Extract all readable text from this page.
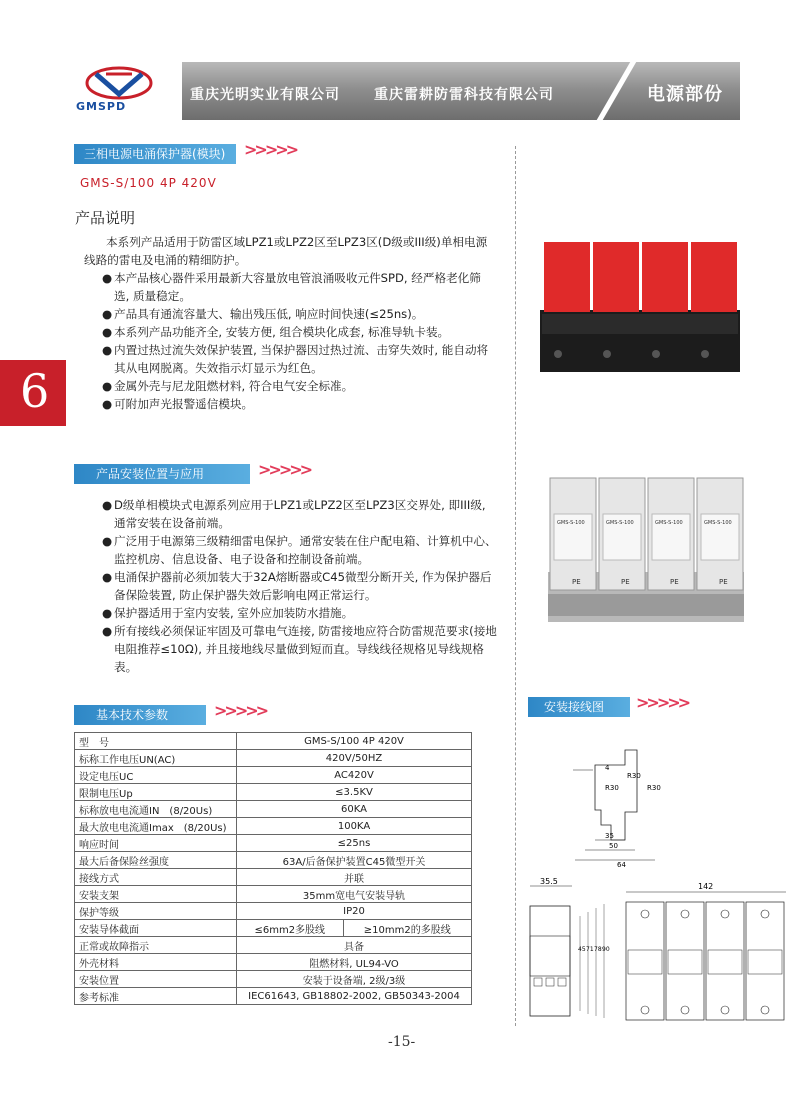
GMSPD
重庆光明实业有限公司 重庆雷耕防雷科技有限公司	电源部份
6
三相电源电涌保护器(模块)	>>>>>
GMS-S/100 4P 420V
产品说明
本系列产品适用于防雷区域LPZ1或LPZ2区至LPZ3区(D级或III级)单相电源线路的雷电及电涌的精细防护。
● 本产品核心器件采用最新大容量放电管浪涌吸收元件SPD, 经严格老化筛选, 质量稳定。
● 产品具有通流容量大、输出残压低, 响应时间快速(≤25ns)。
● 本系列产品功能齐全, 安装方便, 组合模块化成套, 标准导轨卡装。
● 内置过热过流失效保护装置, 当保护器因过热过流、击穿失效时, 能自动将其从电网脱离。失效指示灯显示为红色。
● 金属外壳与尼龙阻燃材料, 符合电气安全标准。
● 可附加声光报警遥信模块。
产品安装位置与应用	>>>>>
● D级单相模块式电源系列应用于LPZ1或LPZ2区至LPZ3区交界处, 即III级, 通常安装在设备前端。
● 广泛用于电源第三级精细雷电保护。通常安装在住户配电箱、计算机中心、监控机房、信息设备、电子设备和控制设备前端。
● 电涌保护器前必须加装大于32A熔断器或C45微型分断开关, 作为保护器后备保险装置, 防止保护器失效后影响电网正常运行。
● 保护器适用于室内安装, 室外应加装防水措施。
● 所有接线必须保证牢固及可靠电气连接, 防雷接地应符合防雷规范要求(接地电阻推荐≤10Ω), 并且接地线尽量做到短而直。导线线径规格见导线规格表。
基本技术参数	>>>>>
型　号	GMS-S/100 4P 420V	
标称工作电压UN(AC)	420V/50HZ	
设定电压UC	AC420V	
限制电压Up	≤3.5KV	
标称放电电流通IN　(8/20Us)	60KA	
最大放电电流通Imax　(8/20Us)	100KA	
响应时间	≤25ns	
最大后备保险丝强度	63A/后备保护装置C45微型开关	
接线方式	并联	
安装支架	35mm宽电气安装导轨	
保护等级	IP20	
安装导体截面	≤6mm2多股线	≥10mm2的多股线
正常或故障指示	具备	
外壳材料	阻燃材料, UL94-VO	
安装位置	安装于设备端, 2级/3级	
参考标准	IEC61643, GB18802-2002, GB50343-2004	
GMS-S-100
PE
GMS-S-100
PE
GMS-S-100
PE
GMS-S-100
PE
安装接线图	>>>>>
4
R30
R30	R30
35
50
64
35.5
45 71 78 90
142
-15-
